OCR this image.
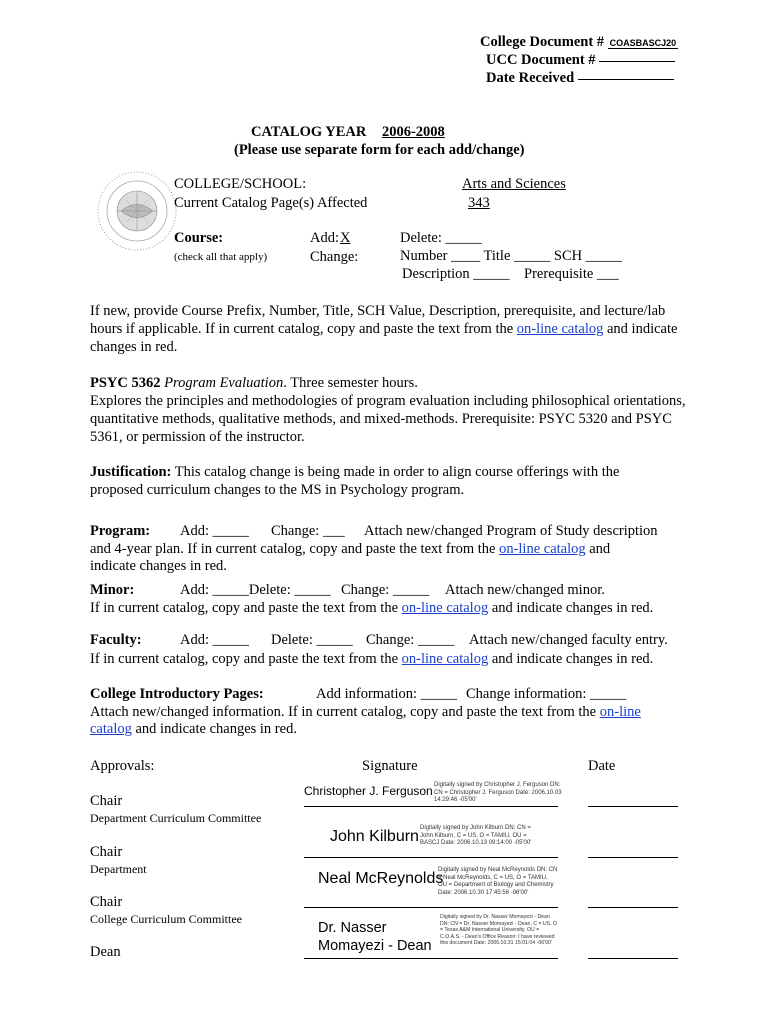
College Document # COASBASCJ20
UCC Document #
Date Received
CATALOG YEAR 2006-2008
(Please use separate form for each add/change)
COLLEGE/SCHOOL:	Arts and Sciences
Current Catalog Page(s) Affected	343
Course:
(check all that apply)
Add:X
Change:
Delete: _____
Number ____ Title _____ SCH _____
Description _____    Prerequisite ___
If new, provide Course Prefix, Number, Title, SCH Value, Description, prerequisite, and lecture/lab hours if applicable. If in current catalog, copy and paste the text from the on-line catalog and indicate changes in red.
PSYC 5362 Program Evaluation. Three semester hours.
Explores the principles and methodologies of program evaluation including philosophical orientations, quantitative methods, qualitative methods, and mixed-methods. Prerequisite: PSYC 5320 and PSYC 5361, or permission of the instructor.
Justification: This catalog change is being made in order to align course offerings with the proposed curriculum changes to the MS in Psychology program.
Program: Add: _____ Change: ___ Attach new/changed Program of Study description
and 4-year plan. If in current catalog, copy and paste the text from the on-line catalog and
indicate changes in red.
Minor:	Add: _____Delete: _____ Change: _____ Attach new/changed minor.
If in current catalog, copy and paste the text from the on-line catalog and indicate changes in red.
Faculty:	Add: _____ Delete: _____ Change: _____ Attach new/changed faculty entry.
If in current catalog, copy and paste the text from the on-line catalog and indicate changes in red.
College Introductory Pages:	Add information: _____ Change information: _____
Attach new/changed information. If in current catalog, copy and paste the text from the on-line
catalog and indicate changes in red.
Approvals:	Signature	Date
Chair
Department Curriculum Committee
Christopher J. Ferguson Digitally signed by Christopher J. Ferguson DN: CN = Christopher J. Ferguson Date: 2006.10.03 14:29:46 -05'00'
Chair
Department
John Kilburn Digitally signed by John Kilburn DN: CN = John Kilburn, C = US, O = TAMIU, OU = BASCJ Date: 2006.10.13 09:14:00 -05'00'
Chair
College Curriculum Committee
Neal McReynolds
Digitally signed by Neal McReynolds DN: CN = Neal McReynolds, C = US, O = TAMIU, OU = Department of Biology and Chemistry Date: 2006.10.30 17:45:56 -06'00'
Dean
Dr. Nasser Momayezi - Dean
Digitally signed by Dr. Nasser Momayezi - Dean DN: CN = Dr. Nasser Momayezi - Dean, C = US, O = Texas A&M International University, OU = C.O.A.S. - Dean's Office Reason: I have reviewed this document Date: 2006.10.31 15:01:04 -06'00'
